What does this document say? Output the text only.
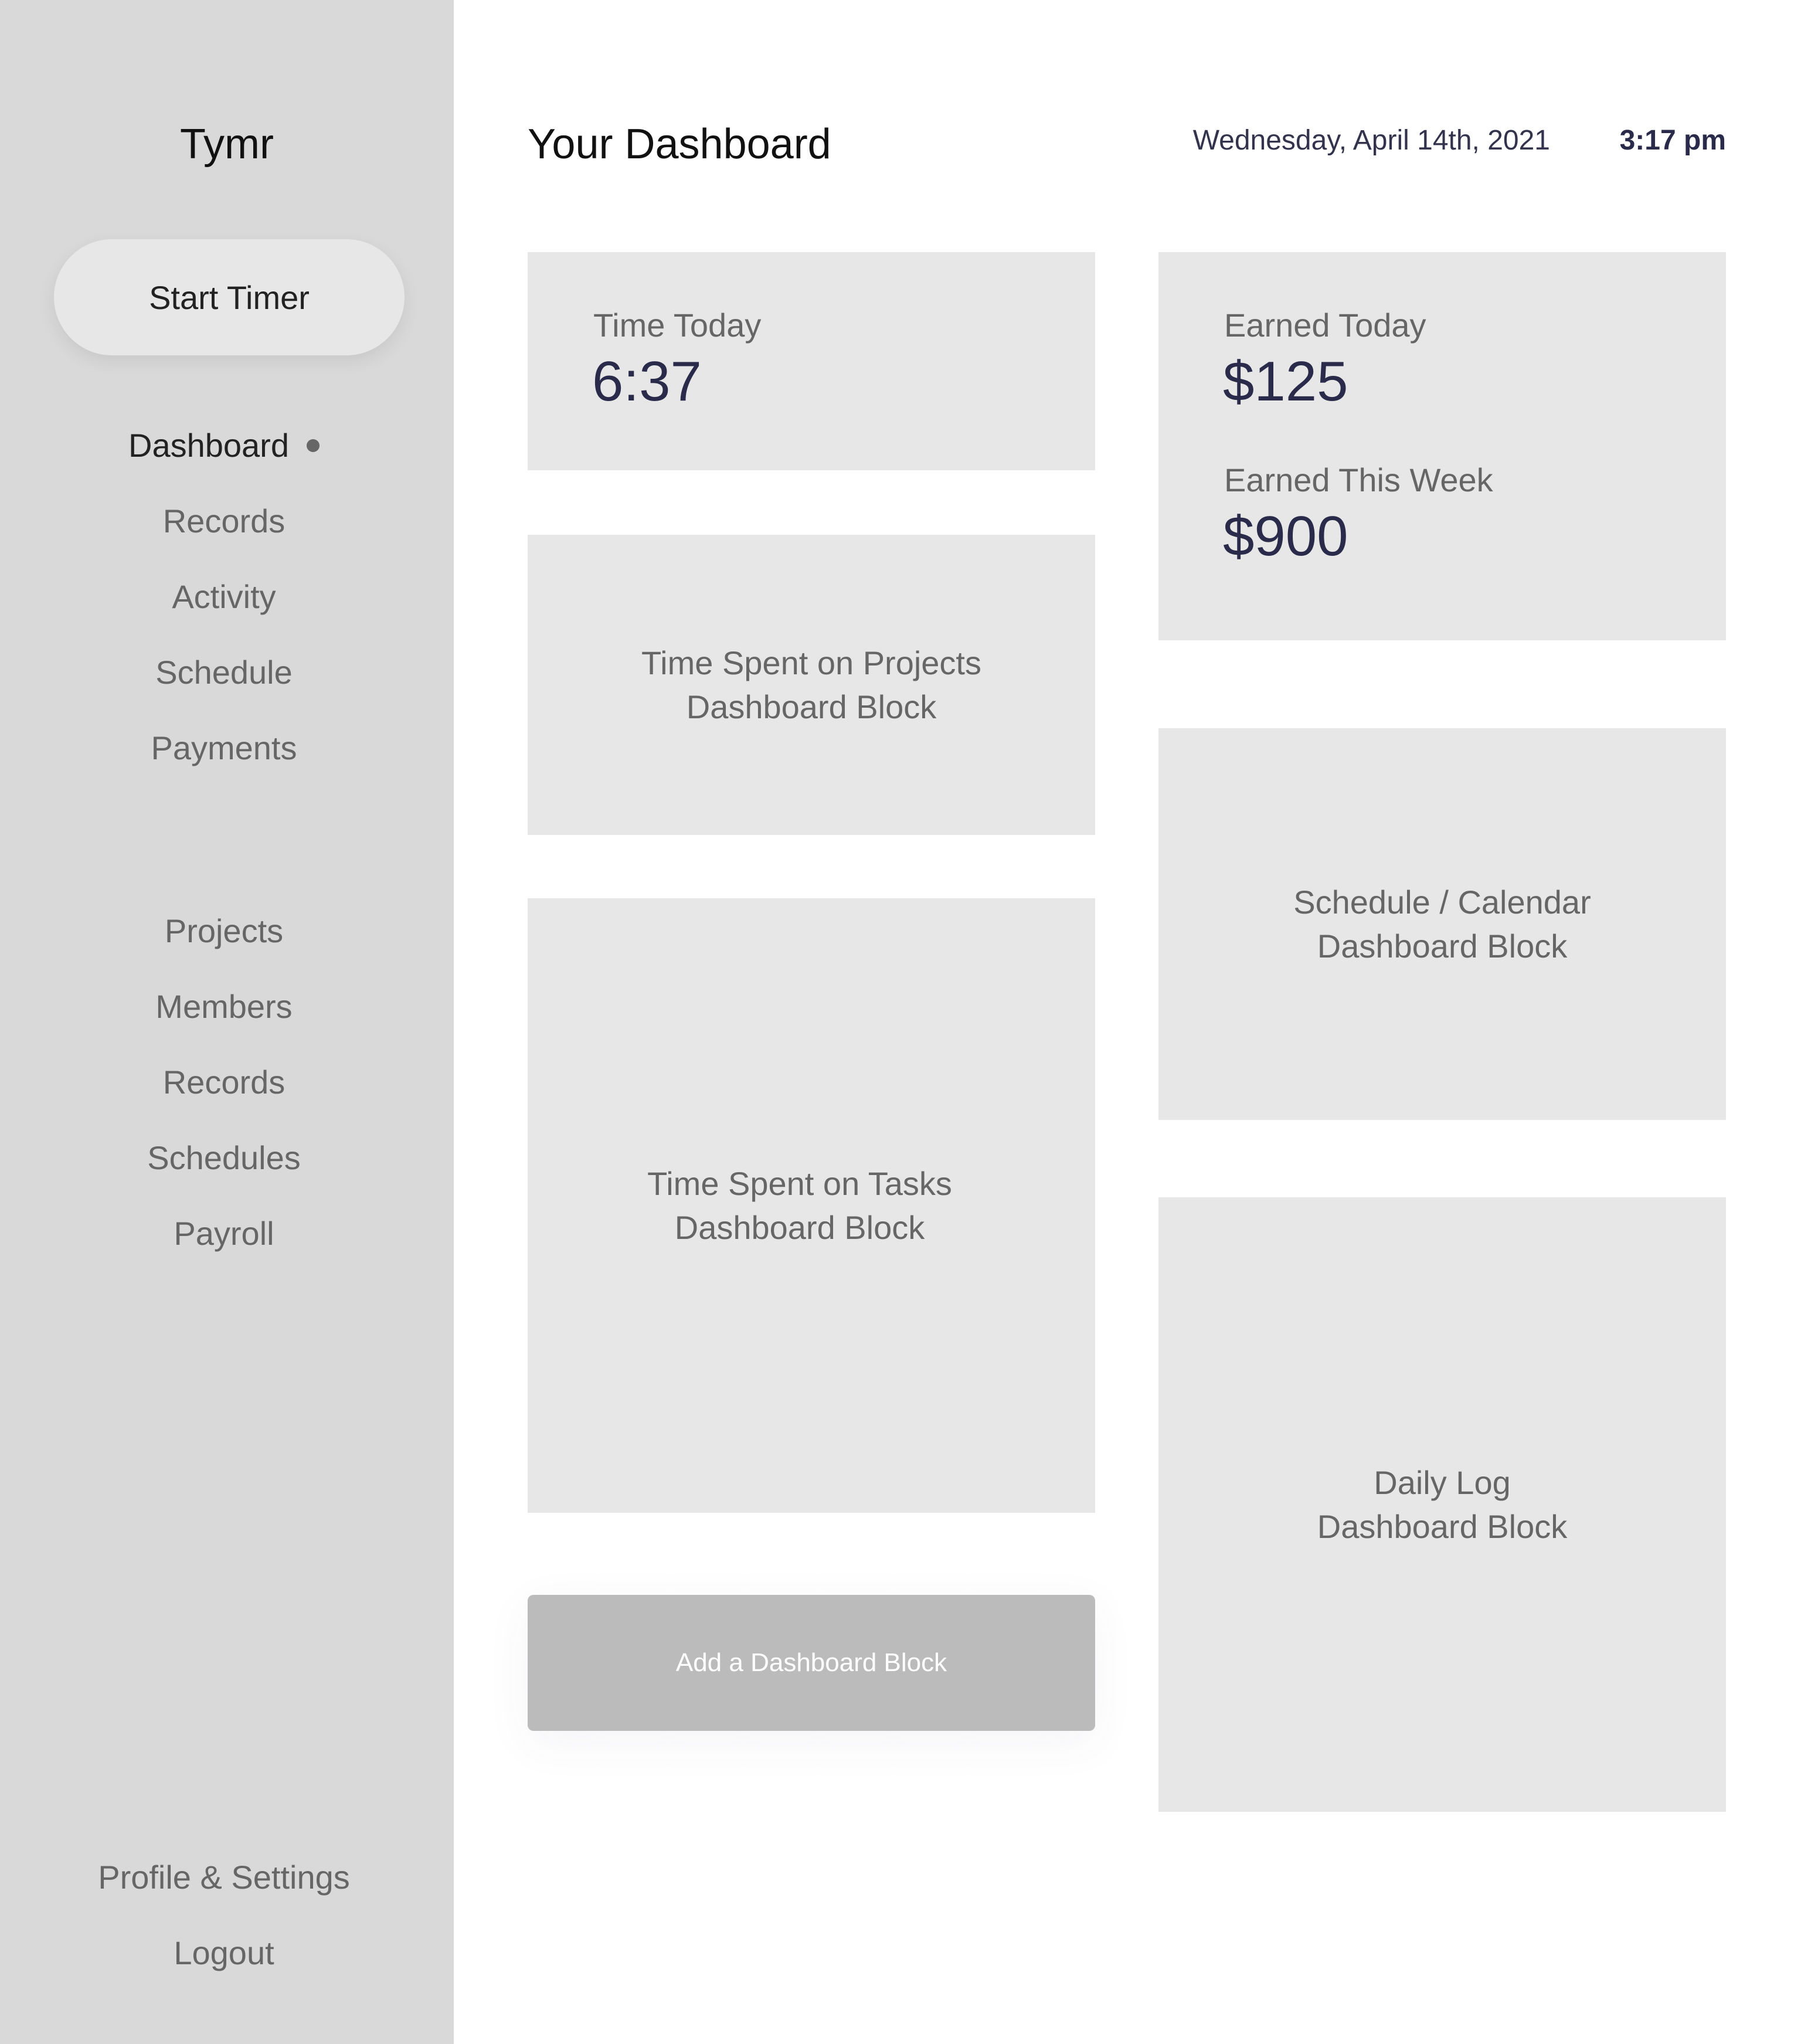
Tymr
Start Timer
Dashboard
Records
Activity
Schedule
Payments
Projects
Members
Records
Schedules
Payroll
Profile & Settings
Logout
Your Dashboard	Wednesday, April 14th, 2021 3:17 pm
Time Today
6:37
Earned Today
$125
Earned This Week
$900
Time Spent on Projects
Dashboard Block
Time Spent on Tasks
Dashboard Block
Schedule / Calendar
Dashboard Block
Daily Log
Dashboard Block
Add a Dashboard Block
